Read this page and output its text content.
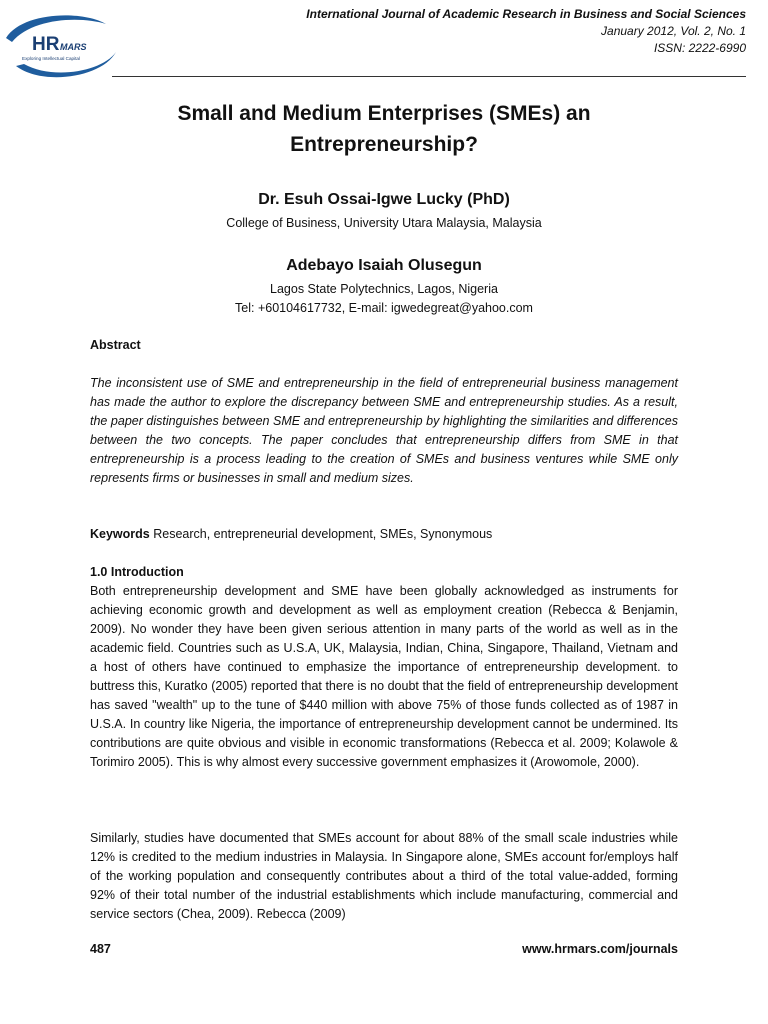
HR MARS
Exploring Intellectual Capital
International Journal of Academic Research in Business and Social Sciences
January 2012, Vol. 2, No. 1
ISSN: 2222-6990
Small and Medium Enterprises (SMEs) an
Entrepreneurship?
Dr. Esuh Ossai-Igwe Lucky (PhD)
College of Business, University Utara Malaysia, Malaysia
Adebayo Isaiah Olusegun
Lagos State Polytechnics, Lagos, Nigeria
Tel: +60104617732, E-mail: igwedegreat@yahoo.com
Abstract
The inconsistent use of SME and entrepreneurship in the field of entrepreneurial business management has made the author to explore the discrepancy between SME and entrepreneurship studies. As a result, the paper distinguishes between SME and entrepreneurship by highlighting the similarities and differences between the two concepts. The paper concludes that entrepreneurship differs from SME in that entrepreneurship is a process leading to the creation of SMEs and business ventures while SME only represents firms or businesses in small and medium sizes.
Keywords Research, entrepreneurial development, SMEs, Synonymous
1.0 Introduction
Both entrepreneurship development and SME have been globally acknowledged as instruments for achieving economic growth and development as well as employment creation (Rebecca & Benjamin, 2009). No wonder they have been given serious attention in many parts of the world as well as in the academic field. Countries such as U.S.A, UK, Malaysia, Indian, China, Singapore, Thailand, Vietnam and a host of others have continued to emphasize the importance of entrepreneurship development. to buttress this, Kuratko (2005) reported that there is no doubt that the field of entrepreneurship development has saved "wealth" up to the tune of $440 million with above 75% of those funds collected as of 1987 in U.S.A. In country like Nigeria, the importance of entrepreneurship development cannot be undermined. Its contributions are quite obvious and visible in economic transformations (Rebecca et al. 2009; Kolawole & Torimiro 2005). This is why almost every successive government emphasizes it (Arowomole, 2000).
Similarly, studies have documented that SMEs account for about 88% of the small scale industries while 12% is credited to the medium industries in Malaysia. In Singapore alone, SMEs account for/employs half of the working population and consequently contributes about a third of the total value-added, forming 92% of their total number of the industrial establishments which include manufacturing, commercial and service sectors (Chea, 2009). Rebecca (2009)
487	www.hrmars.com/journals
